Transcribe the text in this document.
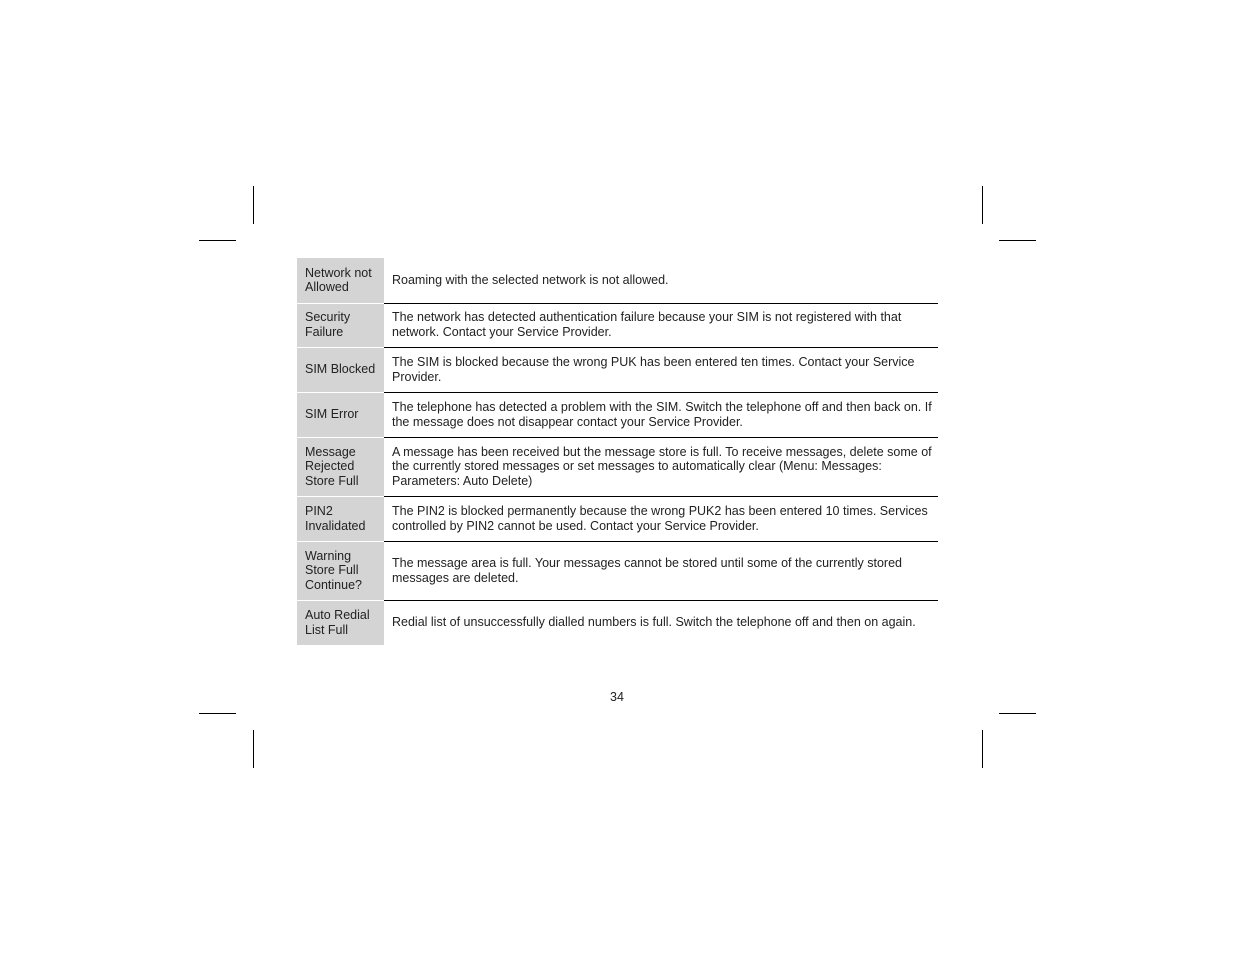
Network not Allowed	Roaming with the selected network is not allowed.
Security Failure	The network has detected authentication failure because your SIM is not registered with that network. Contact your Service Provider.
SIM Blocked	The SIM is blocked because the wrong PUK has been entered ten times. Contact your Service Provider.
SIM Error	The telephone has detected a problem with the SIM. Switch the telephone off and then back on. If the message does not disappear contact your Service Provider.
Message Rejected Store Full	A message has been received but the message store is full. To receive messages, delete some of the currently stored messages or set messages to automatically clear (Menu: Messages: Parameters: Auto Delete)
PIN2 Invalidated	The PIN2 is blocked permanently because the wrong PUK2 has been entered 10 times. Services controlled by PIN2 cannot be used. Contact your Service Provider.
Warning Store Full Continue?	The message area is full. Your messages cannot be stored until some of the currently stored messages are deleted.
Auto Redial List Full	Redial list of unsuccessfully dialled numbers is full. Switch the telephone off and then on again.
34
